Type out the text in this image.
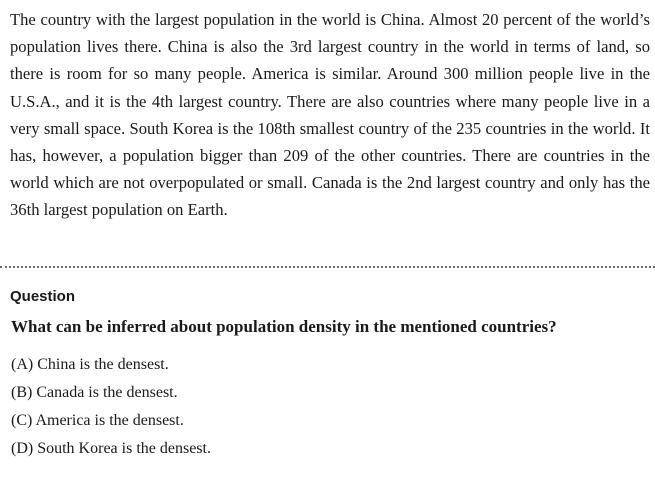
The country with the largest population in the world is China. Almost 20 percent of the world’s population lives there. China is also the 3rd largest country in the world in terms of land, so there is room for so many people. America is similar. Around 300 million people live in the U.S.A., and it is the 4th largest country. There are also countries where many people live in a very small space. South Korea is the 108th smallest country of the 235 countries in the world. It has, however, a population bigger than 209 of the other countries. There are countries in the world which are not overpopulated or small. Canada is the 2nd largest country and only has the 36th largest population on Earth.

Question
What can be inferred about population density in the mentioned countries?
(A) China is the densest.
(B) Canada is the densest.
(C) America is the densest.
(D) South Korea is the densest.
